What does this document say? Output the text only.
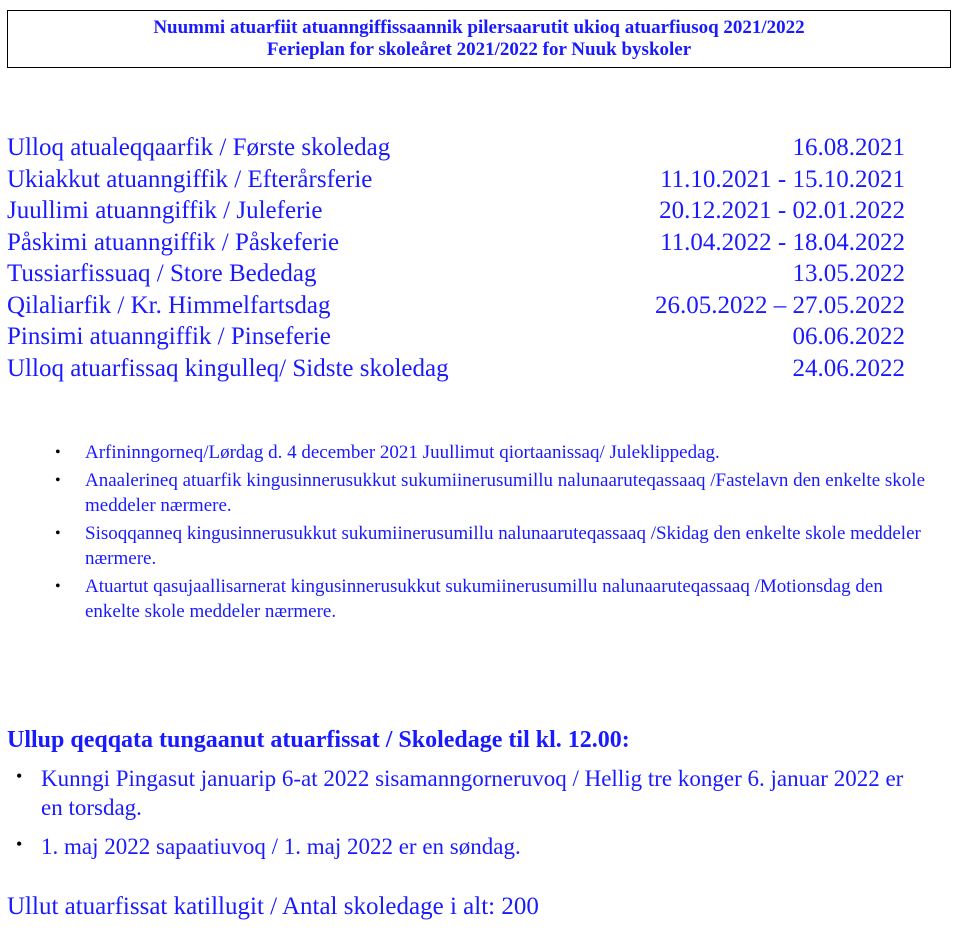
Nuummi atuarfiit atuanngiffissaannik pilersaarutit ukioq atuarfiusoq 2021/2022
Ferieplan for skoleåret 2021/2022 for Nuuk byskoler
Ulloq atualeqqaarfik / Første skoledag	16.08.2021
Ukiakkut atuanngiffik / Efterårsferie	11.10.2021 - 15.10.2021
Juullimi atuanngiffik / Juleferie	20.12.2021 - 02.01.2022
Påskimi atuanngiffik / Påskeferie	11.04.2022 - 18.04.2022
Tussiarfissuaq / Store Bededag	13.05.2022
Qilaliarfik / Kr. Himmelfartsdag	26.05.2022 – 27.05.2022
Pinsimi atuanngiffik / Pinseferie	06.06.2022
Ulloq atuarfissaq kingulleq/ Sidste skoledag	24.06.2022
• Arfininngorneq/Lørdag d. 4 december 2021 Juullimut qiortaanissaq/ Juleklippedag.
• Anaalerineq atuarfik kingusinnerusukkut sukumiinerusumillu nalunaaruteqassaaq /Fastelavn den enkelte skole meddeler nærmere.
• Sisoqqanneq kingusinnerusukkut sukumiinerusumillu nalunaaruteqassaaq /Skidag den enkelte skole meddeler nærmere.
• Atuartut qasujaallisarnerat kingusinnerusukkut sukumiinerusumillu nalunaaruteqassaaq /Motionsdag den enkelte skole meddeler nærmere.
Ullup qeqqata tungaanut atuarfissat / Skoledage til kl. 12.00:
• Kunngi Pingasut januarip 6-at 2022 sisamanngorneruvoq / Hellig tre konger 6. januar 2022 er en torsdag.
• 1. maj 2022 sapaatiuvoq / 1. maj 2022 er en søndag.
Ullut atuarfissat katillugit / Antal skoledage i alt: 200
